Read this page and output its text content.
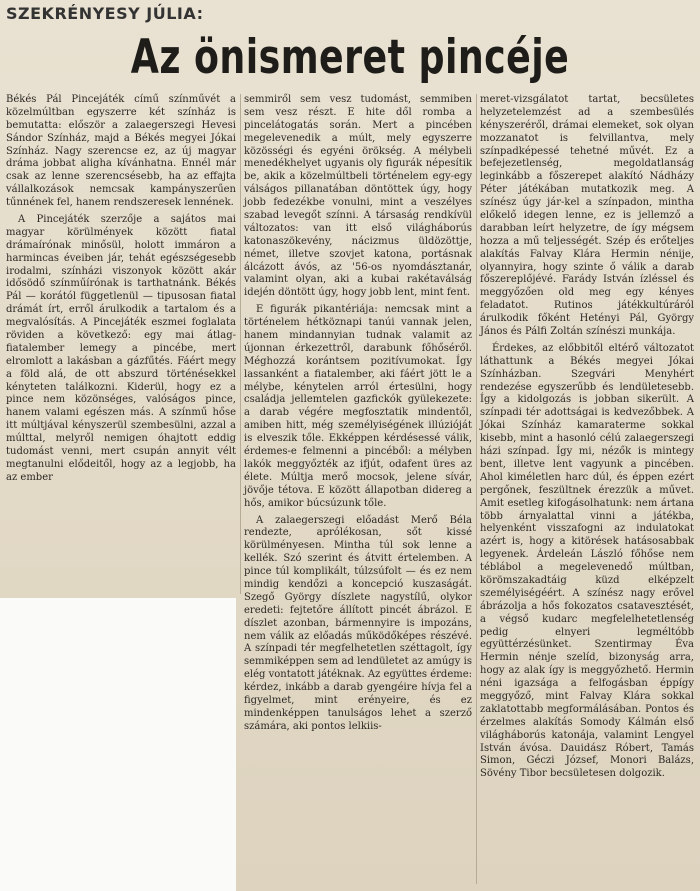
SZEKRÉNYESY JÚLIA:
Az önismeret pincéje

Békés Pál Pincejáték című színművét a közelmúltban egyszerre két színház is bemutatta: először a zalaegerszegi Hevesi Sándor Színház, majd a Békés megyei Jókai Színház. Nagy szerencse ez, az új magyar dráma jobbat aligha kívánhatna. Ennél már csak az lenne szerencsésebb, ha az effajta vállalkozások nemcsak kampányszerűen tűnnének fel, hanem rendszeresek lennének.

A Pincejáték szerzője a sajátos mai magyar körülmények között fiatal drámaírónak minősül, holott immáron a harmincas éveiben jár, tehát egészségesebb irodalmi, színházi viszonyok között akár idősödő színműírónak is tarthatnánk. Békés Pál — korától függetlenül — tipusosan fiatal drámát írt, erről árulkodik a tartalom és a megvalósítás. A Pincejáték eszmei foglalata röviden a következő: egy mai átlag-fiatalember lemegy a pincébe, mert elromlott a lakásban a gázfűtés. Fáért megy a föld alá, de ott abszurd történésekkel kényteten találkozni. Kiderül, hogy ez a pince nem közönséges, valóságos pince, hanem valami egészen más. A színmű hőse itt múltjával kényszerül szembesülni, azzal a múlttal, melyről nemigen óhajtott eddig tudomást venni, mert csupán annyit vélt megtanulni elődeitől, hogy az a legjobb, ha az ember

semmiről sem vesz tudomást, semmiben sem vesz részt. E hite dől romba a pincelátogatás során. Mert a pincében megelevenedik a múlt, mely egyszerre közösségi és egyéni örökség. A mélybeli menedékhelyet ugyanis oly figurák népesítik be, akik a közelmúltbeli történelem egy-egy válságos pillanatában döntöttek úgy, hogy jobb fedezékbe vonulni, mint a veszélyes szabad levegőt színni. A társaság rendkívül változatos: van itt első világháborús katonaszökevény, nácizmus üldözöttje, német, illetve szovjet katona, portásnak álcázott ávós, az '56-os nyomdásztanár, valamint olyan, aki a kubai rakétaválság idején döntött úgy, hogy jobb lent, mint fent.

E figurák pikantériája: nemcsak mint a történelem hétköznapi tanúi vannak jelen, hanem mindannyian tudnak valamit az újonnan érkezettről, darabunk főhőséről. Méghozzá korántsem pozitívumokat. Így lassanként a fiatalember, aki fáért jött le a mélybe, kénytelen arról értesülni, hogy családja jellemtelen gazfickók gyülekezete: a darab végére megfosztatik mindentől, amiben hitt, még személyiségének illúzióját is elveszik tőle. Ekképpen kérdésessé válik, érdemes-e felmenni a pincéből: a mélyben lakók meggyőzték az ifjút, odafent üres az élete. Múltja merő mocsok, jelene sívár, jövője tétova. E között állapotban didereg a hős, amikor búcsúzunk tőle.

A zalaegerszegi előadást Merő Béla rendezte, aprólékosan, sőt kissé körülményesen. Mintha túl sok lenne a kellék. Szó szerint és átvitt értelemben. A pince túl komplikált, túlzsúfolt — és ez nem mindig kendőzi a koncepció kuszaságát. Szegő György díszlete nagystílű, olykor eredeti: fejtetőre állított pincét ábrázol. E díszlet azonban, bármennyire is impozáns, nem válik az előadás működőképes részévé. A színpadi tér megfelhetetlen széttagolt, így semmiképpen sem ad lendületet az amúgy is elég vontatott játéknak. Az együttes érdeme: kérdez, inkább a darab gyengéire hívja fel a figyelmet, mint erényeire, és ez mindenképpen tanulságos lehet a szerző számára, aki pontos lelkiis-

meret-vizsgálatot tartat, becsületes helyzetelemzést ad a szembesülés kényszeréről, drámai elemeket, sok olyan mozzanatot is felvillantva, mely színpadképessé tehetné művét. Ez a befejezetlenség, megoldatlanság leginkább a főszerepet alakító Nádházy Péter játékában mutatkozik meg. A színész úgy jár-kel a színpadon, mintha előkelő idegen lenne, ez is jellemző a darabban leírt helyzetre, de így mégsem hozza a mű teljességét. Szép és erőteljes alakítás Falvay Klára Hermin nénije, olyannyira, hogy szinte ő válik a darab főszereplőjévé. Farády István ízléssel és meggyőzően old meg egy kényes feladatot. Rutinos játékkultúráról árulkodik főként Hetényi Pál, György János és Pálfi Zoltán színészi munkája.

Érdekes, az előbbitől eltérő változatot láthattunk a Békés megyei Jókai Színházban. Szegvári Menyhért rendezése egyszerűbb és lendületesebb. Így a kidolgozás is jobban sikerült. A színpadi tér adottságai is kedvezőbbek. A Jókai Színház kamaraterme sokkal kisebb, mint a hasonló célú zalaegerszegi házi színpad. Így mi, nézők is mintegy bent, illetve lent vagyunk a pincében. Ahol kiméletlen harc dúl, és éppen ezért pergőnek, feszültnek érezzük a művet. Amit esetleg kifogásolhatunk: nem ártana több árnyalattal vinni a játékba, helyenként visszafogni az indulatokat azért is, hogy a kitörések hatásosabbak legyenek. Árdeleán László főhőse nem téblábol a megelevenedő múltban, körömszakadtáig küzd elképzelt személyiségéért. A színész nagy erővel ábrázolja a hős fokozatos csatavesztését, a végső kudarc megfelelhetetlenség pedig elnyeri legméltóbb együttérzésünket. Szentirmay Éva Hermin nénje szelíd, bizonyság arra, hogy az alak így is meggyőzhető. Hermin néni igazsága a felfogásban éppígy meggyőző, mint Falvay Klára sokkal zaklatottabb megformálásában. Pontos és érzelmes alakítás Somody Kálmán első világháborús katonája, valamint Lengyel István ávósa. Dauidász Róbert, Tamás Simon, Géczi József, Monori Balázs, Sövény Tibor becsületesen dolgozik.
